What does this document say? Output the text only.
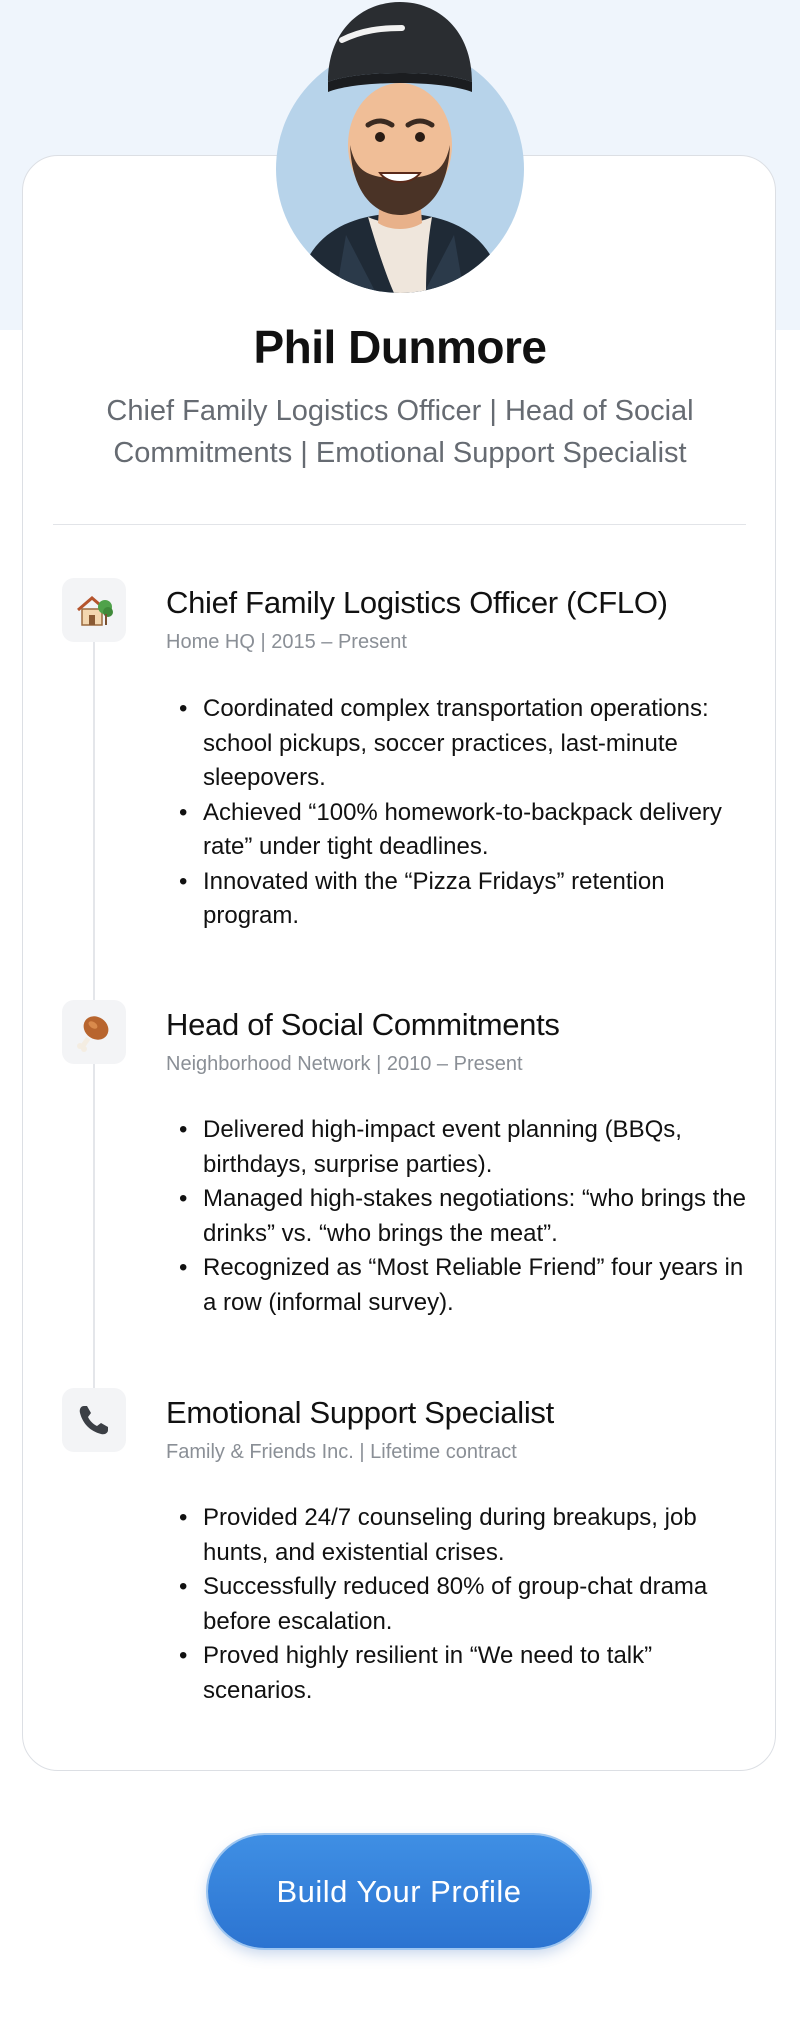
Phil Dunmore
Chief Family Logistics Officer | Head of Social Commitments | Emotional Support Specialist
Chief Family Logistics Officer (CFLO)
Home HQ | 2015 – Present
• Coordinated complex transportation operations: school pickups, soccer practices, last-minute sleepovers.
• Achieved “100% homework-to-backpack delivery rate” under tight deadlines.
• Innovated with the “Pizza Fridays” retention program.
Head of Social Commitments
Neighborhood Network | 2010 – Present
• Delivered high-impact event planning (BBQs, birthdays, surprise parties).
• Managed high-stakes negotiations: “who brings the drinks” vs. “who brings the meat”.
• Recognized as “Most Reliable Friend” four years in a row (informal survey).
Emotional Support Specialist
Family & Friends Inc. | Lifetime contract
• Provided 24/7 counseling during breakups, job hunts, and existential crises.
• Successfully reduced 80% of group-chat drama before escalation.
• Proved highly resilient in “We need to talk” scenarios.
Build Your Profile
